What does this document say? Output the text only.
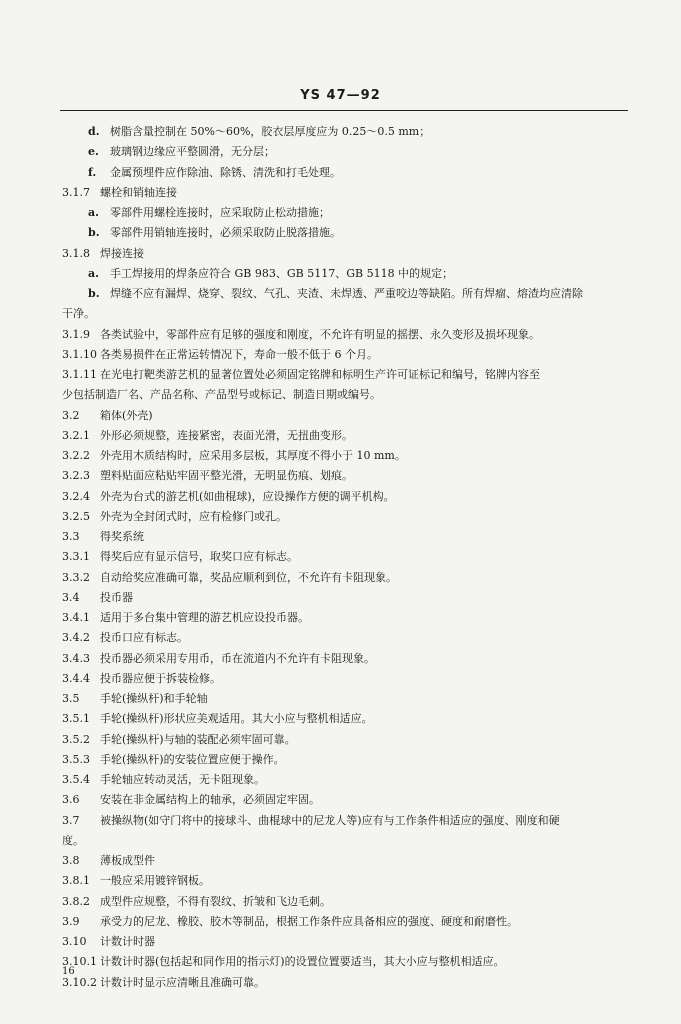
YS 47—92
d. 树脂含量控制在 50%～60%，胶衣层厚度应为 0.25～0.5 mm；
e. 玻璃钢边缘应平整圆滑，无分层；
f. 金属预埋件应作除油、除锈、清洗和打毛处理。
3.1.7 螺栓和销轴连接
a. 零部件用螺栓连接时，应采取防止松动措施；
b. 零部件用销轴连接时，必须采取防止脱落措施。
3.1.8 焊接连接
a. 手工焊接用的焊条应符合 GB 983、GB 5117、GB 5118 中的规定；
b. 焊缝不应有漏焊、烧穿、裂纹、气孔、夹渣、未焊透、严重咬边等缺陷。所有焊瘤、熔渣均应清除
干净。
3.1.9 各类试验中，零部件应有足够的强度和刚度，不允许有明显的摇摆、永久变形及损坏现象。
3.1.10 各类易损件在正常运转情况下，寿命一般不低于 6 个月。
3.1.11 在光电打靶类游艺机的显著位置处必须固定铭牌和标明生产许可证标记和编号，铭牌内容至
少包括制造厂名、产品名称、产品型号或标记、制造日期或编号。
3.2 箱体(外壳)
3.2.1 外形必须规整，连接紧密，表面光滑，无扭曲变形。
3.2.2 外壳用木质结构时，应采用多层板，其厚度不得小于 10 mm。
3.2.3 塑料贴面应粘贴牢固平整光滑，无明显伤痕、划痕。
3.2.4 外壳为台式的游艺机(如曲棍球)，应设操作方便的调平机构。
3.2.5 外壳为全封闭式时，应有检修门或孔。
3.3 得奖系统
3.3.1 得奖后应有显示信号，取奖口应有标志。
3.3.2 自动给奖应准确可靠，奖品应顺利到位，不允许有卡阻现象。
3.4 投币器
3.4.1 适用于多台集中管理的游艺机应设投币器。
3.4.2 投币口应有标志。
3.4.3 投币器必须采用专用币，币在流道内不允许有卡阻现象。
3.4.4 投币器应便于拆装检修。
3.5 手轮(操纵杆)和手轮轴
3.5.1 手轮(操纵杆)形状应美观适用。其大小应与整机相适应。
3.5.2 手轮(操纵杆)与轴的装配必须牢固可靠。
3.5.3 手轮(操纵杆)的安装位置应便于操作。
3.5.4 手轮轴应转动灵活，无卡阻现象。
3.6 安装在非金属结构上的轴承，必须固定牢固。
3.7 被操纵物(如守门将中的接球斗、曲棍球中的尼龙人等)应有与工作条件相适应的强度、刚度和硬
度。
3.8 薄板成型件
3.8.1 一般应采用镀锌钢板。
3.8.2 成型件应规整，不得有裂纹、折皱和飞边毛刺。
3.9 承受力的尼龙、橡胶、胶木等制品，根据工作条件应具备相应的强度、硬度和耐磨性。
3.10 计数计时器
3.10.1 计数计时器(包括起和同作用的指示灯)的设置位置要适当，其大小应与整机相适应。
3.10.2 计数计时显示应清晰且准确可靠。
16
